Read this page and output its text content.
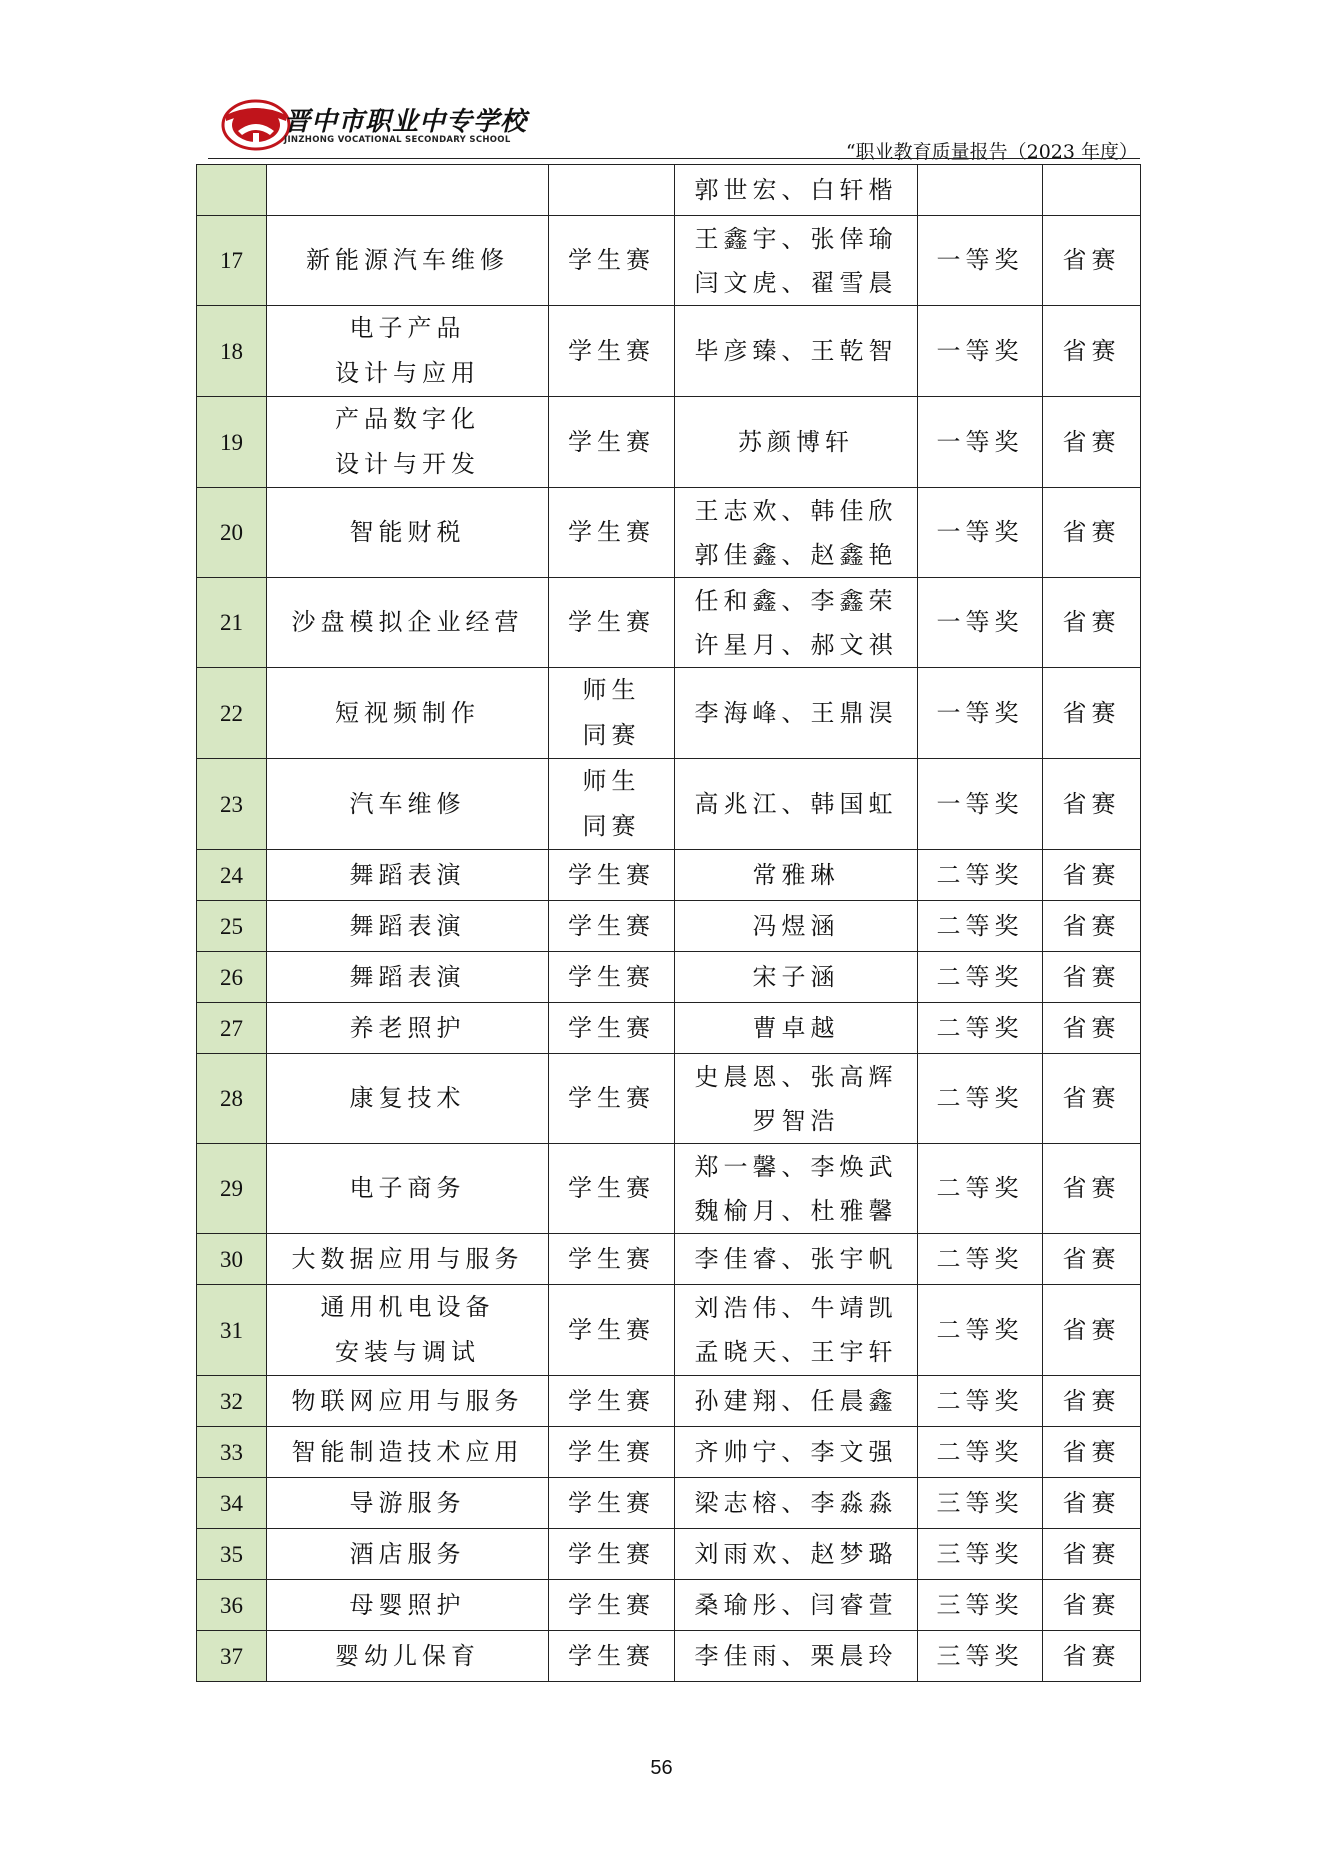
晋中市职业中专学校
JINZHONG VOCATIONAL SECONDARY SCHOOL
“职业教育质量报告（2023 年度）

			郭世宏、白轩楷		

17	新能源汽车维修	学生赛	王鑫宇、张倖瑜
闫文虎、翟雪晨	一等奖	省赛
18	电子产品
设计与应用	学生赛	毕彦臻、王乾智	一等奖	省赛
19	产品数字化
设计与开发	学生赛	苏颜博轩	一等奖	省赛
20	智能财税	学生赛	王志欢、韩佳欣
郭佳鑫、赵鑫艳	一等奖	省赛
21	沙盘模拟企业经营	学生赛	任和鑫、李鑫荣
许星月、郝文祺	一等奖	省赛
22	短视频制作	师生
同赛	李海峰、王鼎淏	一等奖	省赛
23	汽车维修	师生
同赛	高兆江、韩国虹	一等奖	省赛
24	舞蹈表演	学生赛	常雅琳	二等奖	省赛
25	舞蹈表演	学生赛	冯煜涵	二等奖	省赛
26	舞蹈表演	学生赛	宋子涵	二等奖	省赛
27	养老照护	学生赛	曹卓越	二等奖	省赛
28	康复技术	学生赛	史晨恩、张高辉
罗智浩	二等奖	省赛
29	电子商务	学生赛	郑一馨、李焕武
魏榆月、杜雅馨	二等奖	省赛
30	大数据应用与服务	学生赛	李佳睿、张宇帆	二等奖	省赛
31	通用机电设备
安装与调试	学生赛	刘浩伟、牛靖凯
孟晓天、王宇轩	二等奖	省赛
32	物联网应用与服务	学生赛	孙建翔、任晨鑫	二等奖	省赛
33	智能制造技术应用	学生赛	齐帅宁、李文强	二等奖	省赛
34	导游服务	学生赛	梁志榕、李淼淼	三等奖	省赛
35	酒店服务	学生赛	刘雨欢、赵梦璐	三等奖	省赛
36	母婴照护	学生赛	桑瑜彤、闫睿萱	三等奖	省赛
37	婴幼儿保育	学生赛	李佳雨、栗晨玲	三等奖	省赛
56
